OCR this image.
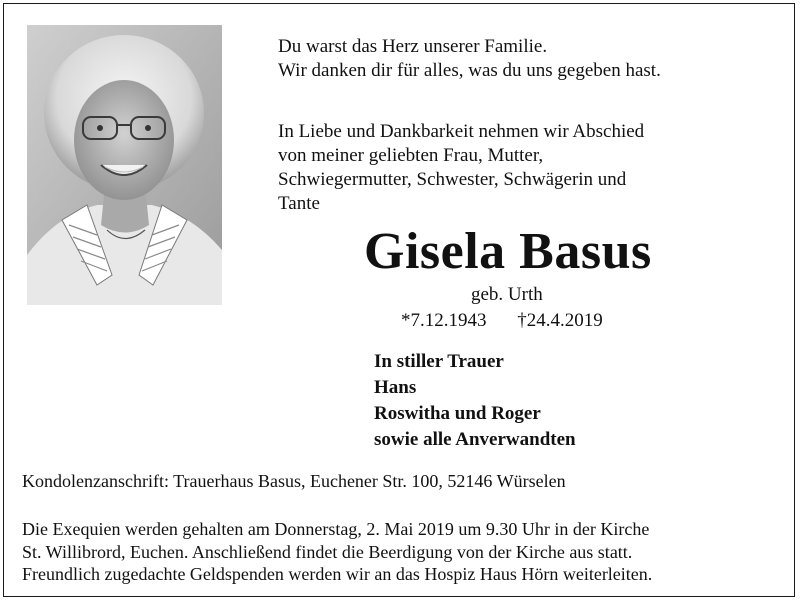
Du warst das Herz unserer Familie.
Wir danken dir für alles, was du uns gegeben hast.
In Liebe und Dankbarkeit nehmen wir Abschied
von meiner geliebten Frau, Mutter,
Schwiegermutter, Schwester, Schwägerin und
Tante
Gisela Basus
geb. Urth
*7.12.1943 †24.4.2019
In stiller Trauer
Hans
Roswitha und Roger
sowie alle Anverwandten
Kondolenzanschrift: Trauerhaus Basus, Euchener Str. 100, 52146 Würselen
Die Exequien werden gehalten am Donnerstag, 2. Mai 2019 um 9.30 Uhr in der Kirche
St. Willibrord, Euchen. Anschließend findet die Beerdigung von der Kirche aus statt.
Freundlich zugedachte Geldspenden werden wir an das Hospiz Haus Hörn weiterleiten.
